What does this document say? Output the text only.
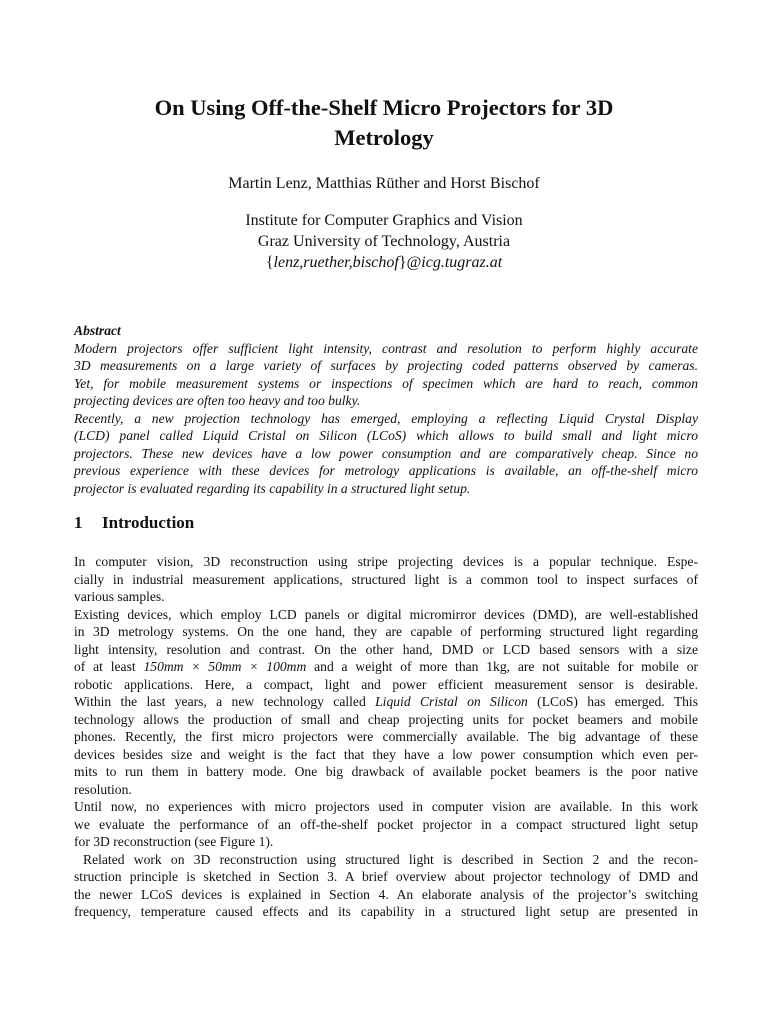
On Using Off-the-Shelf Micro Projectors for 3D
Metrology
Martin Lenz, Matthias Rüther and Horst Bischof
Institute for Computer Graphics and Vision
Graz University of Technology, Austria
{lenz,ruether,bischof}@icg.tugraz.at
Abstract
Modern projectors offer sufficient light intensity, contrast and resolution to perform highly accurate
3D measurements on a large variety of surfaces by projecting coded patterns observed by cameras.
Yet, for mobile measurement systems or inspections of specimen which are hard to reach, common
projecting devices are often too heavy and too bulky.
Recently, a new projection technology has emerged, employing a reflecting Liquid Crystal Display
(LCD) panel called Liquid Cristal on Silicon (LCoS) which allows to build small and light micro
projectors. These new devices have a low power consumption and are comparatively cheap. Since no
previous experience with these devices for metrology applications is available, an off-the-shelf micro
projector is evaluated regarding its capability in a structured light setup.
1 Introduction
In computer vision, 3D reconstruction using stripe projecting devices is a popular technique. Espe-
cially in industrial measurement applications, structured light is a common tool to inspect surfaces of
various samples.
Existing devices, which employ LCD panels or digital micromirror devices (DMD), are well-established
in 3D metrology systems. On the one hand, they are capable of performing structured light regarding
light intensity, resolution and contrast. On the other hand, DMD or LCD based sensors with a size
of at least 150mm × 50mm × 100mm and a weight of more than 1kg, are not suitable for mobile or
robotic applications. Here, a compact, light and power efficient measurement sensor is desirable.
Within the last years, a new technology called Liquid Cristal on Silicon (LCoS) has emerged. This
technology allows the production of small and cheap projecting units for pocket beamers and mobile
phones. Recently, the first micro projectors were commercially available. The big advantage of these
devices besides size and weight is the fact that they have a low power consumption which even per-
mits to run them in battery mode. One big drawback of available pocket beamers is the poor native
resolution.
Until now, no experiences with micro projectors used in computer vision are available. In this work
we evaluate the performance of an off-the-shelf pocket projector in a compact structured light setup
for 3D reconstruction (see Figure 1).
Related work on 3D reconstruction using structured light is described in Section 2 and the recon-
struction principle is sketched in Section 3. A brief overview about projector technology of DMD and
the newer LCoS devices is explained in Section 4. An elaborate analysis of the projector’s switching
frequency, temperature caused effects and its capability in a structured light setup are presented in
